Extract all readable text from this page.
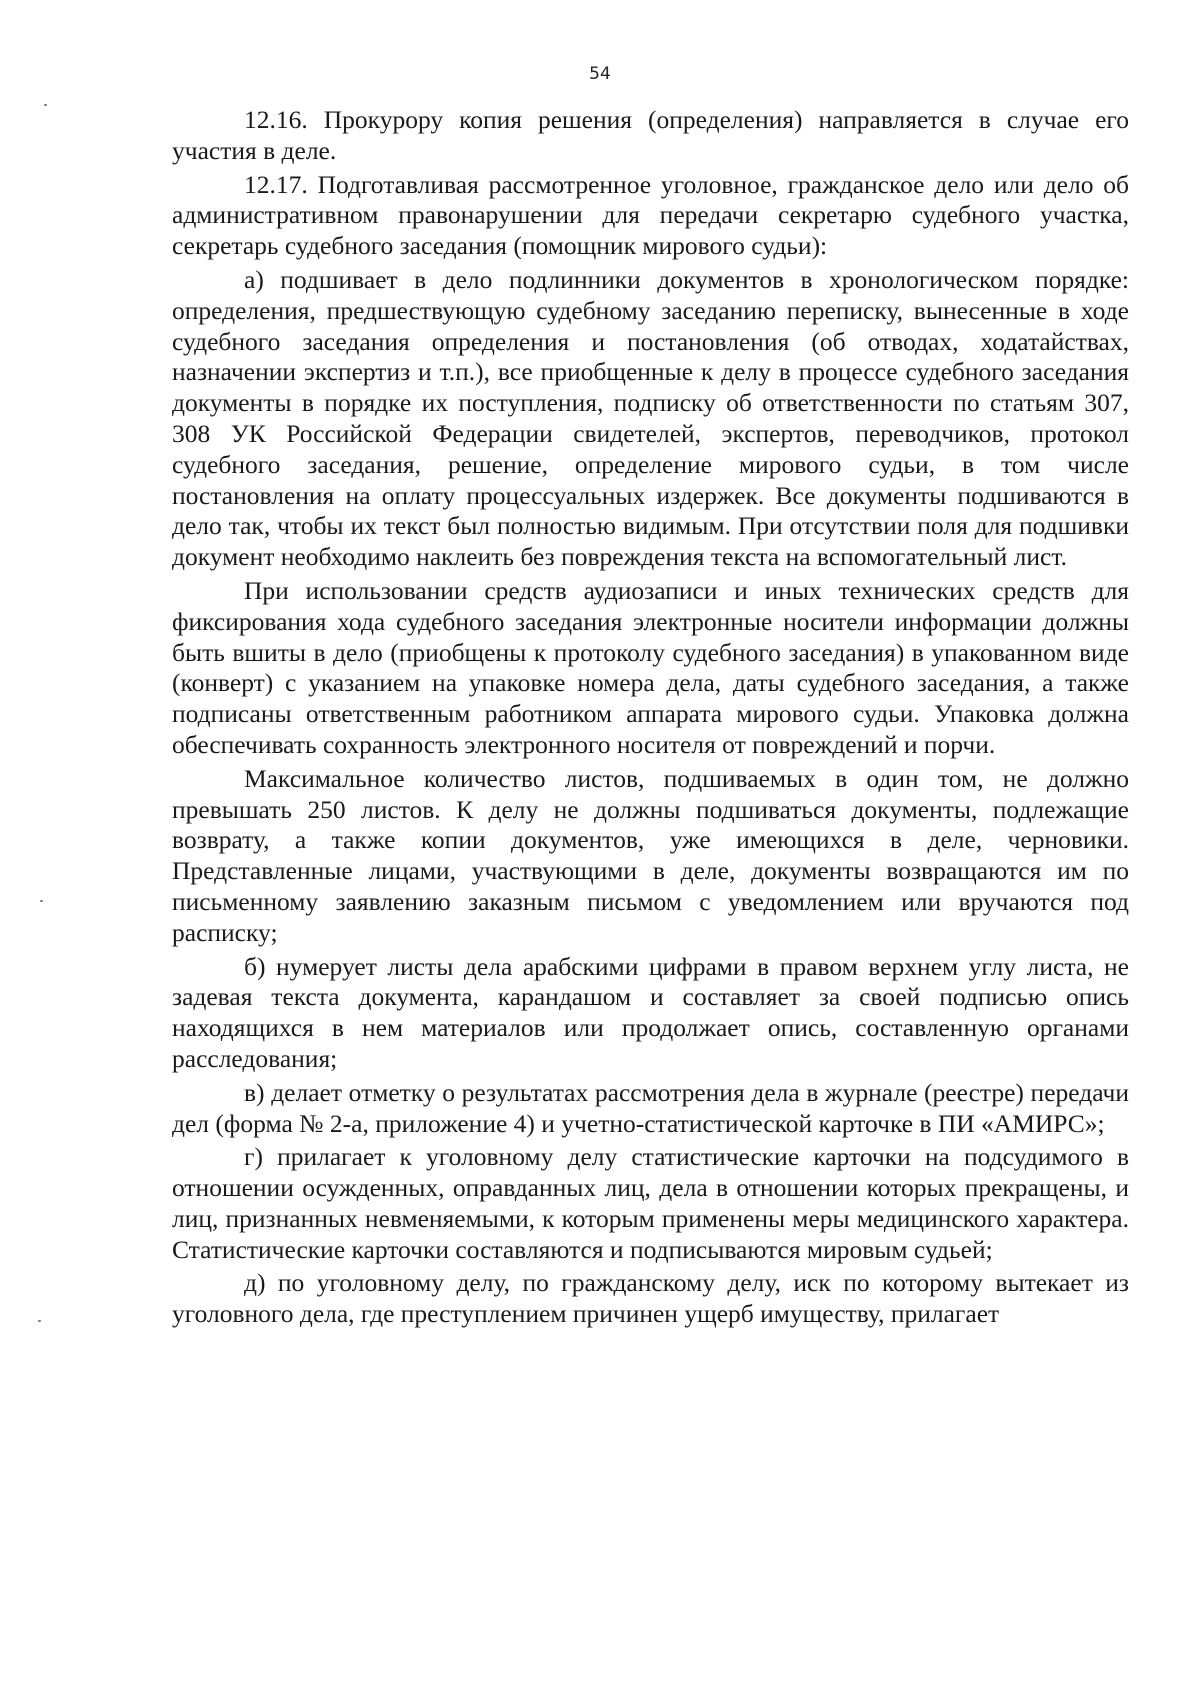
54

12.16. Прокурору копия решения (определения) направляется в случае его участия в деле.

12.17. Подготавливая рассмотренное уголовное, гражданское дело или дело об административном правонарушении для передачи секретарю судебного участка, секретарь судебного заседания (помощник мирового судьи):

а) подшивает в дело подлинники документов в хронологическом порядке: определения, предшествующую судебному заседанию переписку, вынесенные в ходе судебного заседания определения и постановления (об отводах, ходатайствах, назначении экспертиз и т.п.), все приобщенные к делу в процессе судебного заседания документы в порядке их поступления, подписку об ответственности по статьям 307, 308 УК Российской Федерации свидетелей, экспертов, переводчиков, протокол судебного заседания, решение, определение мирового судьи, в том числе постановления на оплату процессуальных издержек. Все документы подшиваются в дело так, чтобы их текст был полностью видимым. При отсутствии поля для подшивки документ необходимо наклеить без повреждения текста на вспомогательный лист.

При использовании средств аудиозаписи и иных технических средств для фиксирования хода судебного заседания электронные носители информации должны быть вшиты в дело (приобщены к протоколу судебного заседания) в упакованном виде (конверт) с указанием на упаковке номера дела, даты судебного заседания, а также подписаны ответственным работником аппарата мирового судьи. Упаковка должна обеспечивать сохранность электронного носителя от повреждений и порчи.

Максимальное количество листов, подшиваемых в один том, не должно превышать 250 листов. К делу не должны подшиваться документы, подлежащие возврату, а также копии документов, уже имеющихся в деле, черновики. Представленные лицами, участвующими в деле, документы возвращаются им по письменному заявлению заказным письмом с уведомлением или вручаются под расписку;

б) нумерует листы дела арабскими цифрами в правом верхнем углу листа, не задевая текста документа, карандашом и составляет за своей подписью опись находящихся в нем материалов или продолжает опись, составленную органами расследования;

в) делает отметку о результатах рассмотрения дела в журнале (реестре) передачи дел (форма № 2-а, приложение 4) и учетно-статистической карточке в ПИ «АМИРС»;

г) прилагает к уголовному делу статистические карточки на подсудимого в отношении осужденных, оправданных лиц, дела в отношении которых прекращены, и лиц, признанных невменяемыми, к которым применены меры медицинского характера. Статистические карточки составляются и подписываются мировым судьей;

д) по уголовному делу, по гражданскому делу, иск по которому вытекает из уголовного дела, где преступлением причинен ущерб имуществу, прилагает
